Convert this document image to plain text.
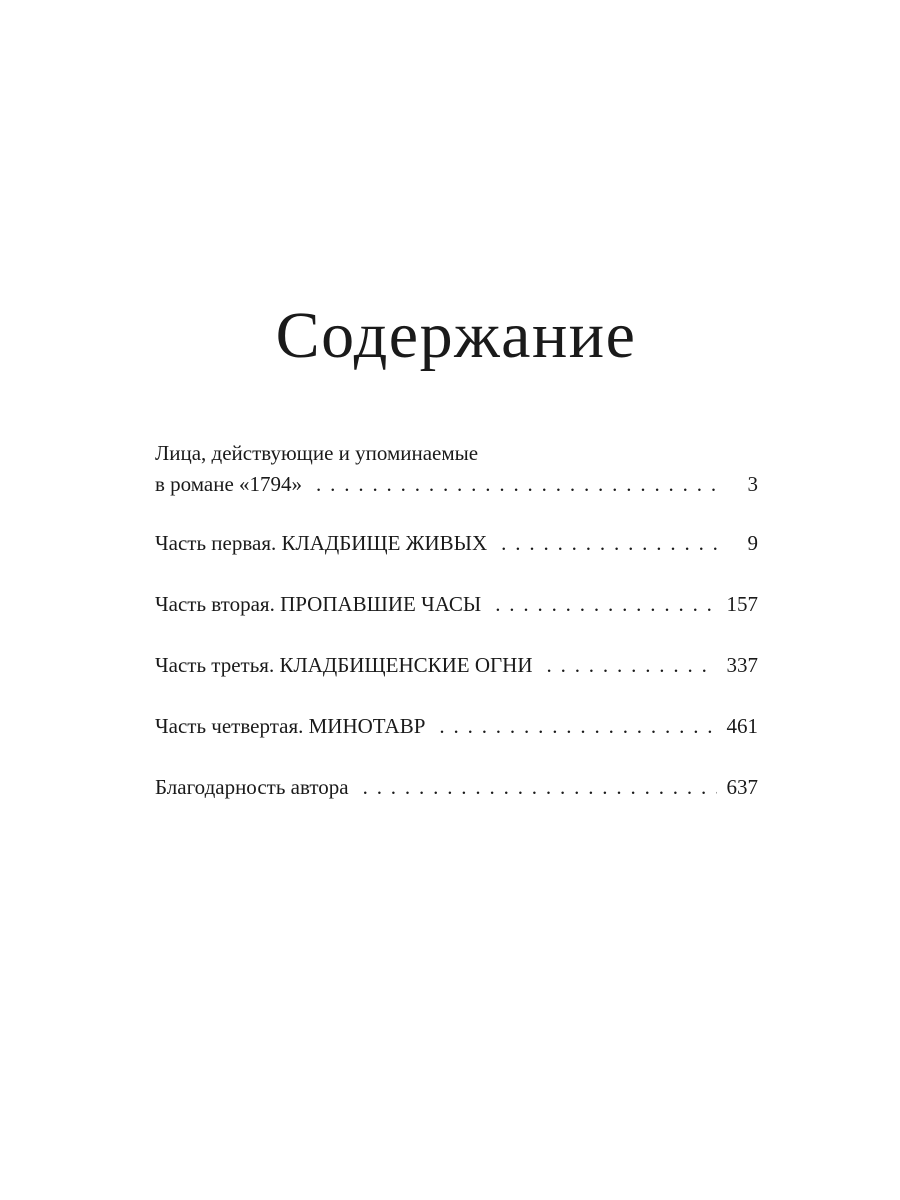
Содержание
Лица, действующие и упоминаемые
в романе «1794» . . .	3
Часть первая. КЛАДБИЩЕ ЖИВЫХ . . .	9
Часть вторая. ПРОПАВШИЕ ЧАСЫ . . .	157
Часть третья. КЛАДБИЩЕНСКИЕ ОГНИ . . .	337
Часть четвертая. МИНОТАВР . . .	461
Благодарность автора . . .	637
